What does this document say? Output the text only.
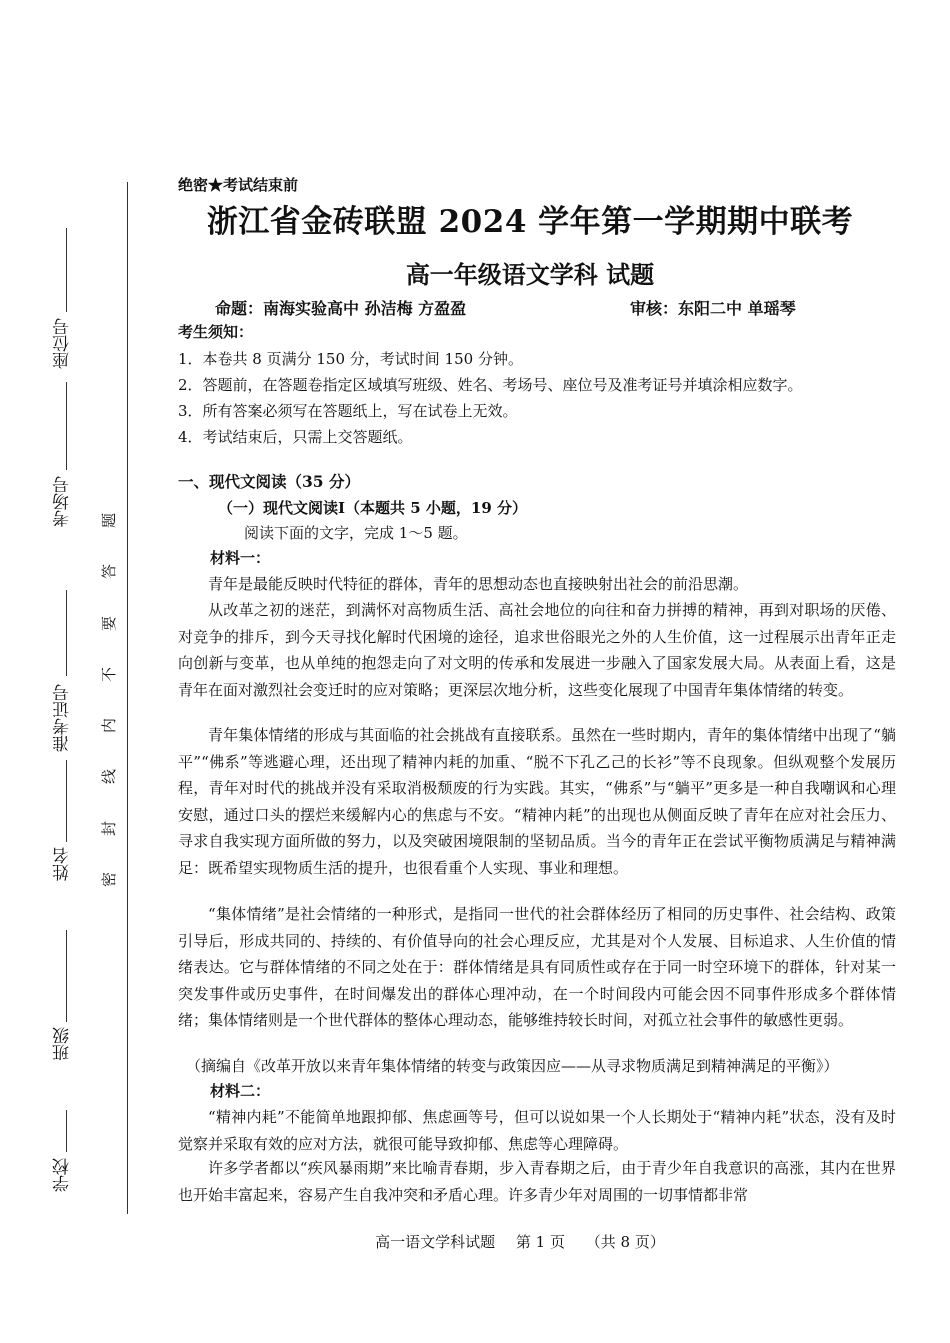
学校
班级
姓名
准考证号
考场号
座位号
题
答
要
不
内
线
封
密
绝密★考试结束前
浙江省金砖联盟 2024 学年第一学期期中联考
高一年级语文学科 试题
命题：南海实验高中 孙洁梅 方盈盈	审核：东阳二中 单瑶琴
考生须知：
1．本卷共 8 页满分 150 分，考试时间 150 分钟。
2．答题前，在答题卷指定区域填写班级、姓名、考场号、座位号及准考证号并填涂相应数字。
3．所有答案必须写在答题纸上，写在试卷上无效。
4．考试结束后，只需上交答题纸。
一、现代文阅读（35 分）
（一）现代文阅读Ⅰ（本题共 5 小题，19 分）
阅读下面的文字，完成 1～5 题。
材料一：

青年是最能反映时代特征的群体，青年的思想动态也直接映射出社会的前沿思潮。

从改革之初的迷茫，到满怀对高物质生活、高社会地位的向往和奋力拼搏的精神，再到对职场的厌倦、对竞争的排斥，到今天寻找化解时代困境的途径，追求世俗眼光之外的人生价值，这一过程展示出青年正走向创新与变革，也从单纯的抱怨走向了对文明的传承和发展进一步融入了国家发展大局。从表面上看，这是青年在面对激烈社会变迁时的应对策略；更深层次地分析，这些变化展现了中国青年集体情绪的转变。

青年集体情绪的形成与其面临的社会挑战有直接联系。虽然在一些时期内，青年的集体情绪中出现了“躺平”“佛系”等逃避心理，还出现了精神内耗的加重、“脱不下孔乙己的长衫”等不良现象。但纵观整个发展历程，青年对时代的挑战并没有采取消极颓废的行为实践。其实，“佛系”与“躺平”更多是一种自我嘲讽和心理安慰，通过口头的摆烂来缓解内心的焦虑与不安。“精神内耗”的出现也从侧面反映了青年在应对社会压力、寻求自我实现方面所做的努力，以及突破困境限制的坚韧品质。当今的青年正在尝试平衡物质满足与精神满足：既希望实现物质生活的提升，也很看重个人实现、事业和理想。

“集体情绪”是社会情绪的一种形式，是指同一世代的社会群体经历了相同的历史事件、社会结构、政策引导后，形成共同的、持续的、有价值导向的社会心理反应，尤其是对个人发展、目标追求、人生价值的情绪表达。它与群体情绪的不同之处在于：群体情绪是具有同质性或存在于同一时空环境下的群体，针对某一突发事件或历史事件，在时间爆发出的群体心理冲动，在一个时间段内可能会因不同事件形成多个群体情绪；集体情绪则是一个世代群体的整体心理动态，能够维持较长时间，对孤立社会事件的敏感性更弱。

（摘编自《改革开放以来青年集体情绪的转变与政策因应——从寻求物质满足到精神满足的平衡》）
材料二：

“精神内耗”不能简单地跟抑郁、焦虑画等号，但可以说如果一个人长期处于“精神内耗”状态，没有及时觉察并采取有效的应对方法，就很可能导致抑郁、焦虑等心理障碍。

许多学者都以“疾风暴雨期”来比喻青春期，步入青春期之后，由于青少年自我意识的高涨，其内在世界也开始丰富起来，容易产生自我冲突和矛盾心理。许多青少年对周围的一切事情都非常

高一语文学科试题 第 1 页 （共 8 页）
